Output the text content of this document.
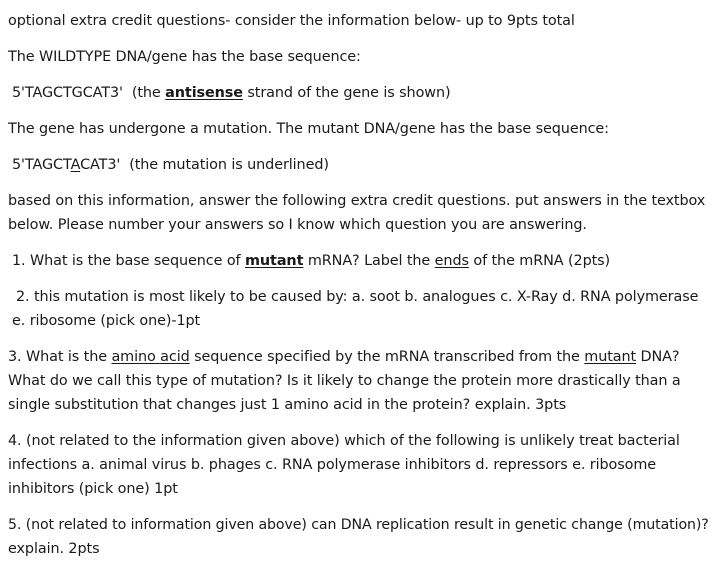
optional extra credit questions- consider the information below- up to 9pts total
The WILDTYPE DNA/gene has the base sequence:
5'TAGCTGCAT3' (the antisense strand of the gene is shown)
The gene has undergone a mutation. The mutant DNA/gene has the base sequence:
5'TAGCTACAT3' (the mutation is underlined)
based on this information, answer the following extra credit questions. put answers in the textbox
below. Please number your answers so I know which question you are answering.
1. What is the base sequence of mutant mRNA? Label the ends of the mRNA (2pts)
2. this mutation is most likely to be caused by: a. soot b. analogues c. X-Ray d. RNA polymerase
e. ribosome (pick one)-1pt
3. What is the amino acid sequence specified by the mRNA transcribed from the mutant DNA?
What do we call this type of mutation? Is it likely to change the protein more drastically than a
single substitution that changes just 1 amino acid in the protein? explain. 3pts
4. (not related to the information given above) which of the following is unlikely treat bacterial
infections a. animal virus b. phages c. RNA polymerase inhibitors d. repressors e. ribosome
inhibitors (pick one) 1pt
5. (not related to information given above) can DNA replication result in genetic change (mutation)?
explain. 2pts
